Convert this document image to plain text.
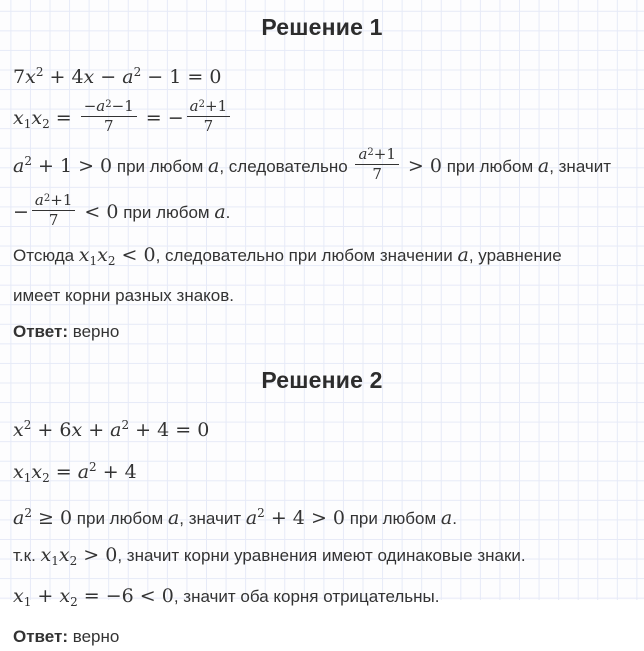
Решение 1
$7x^2 + 4x - a^2 - 1 = 0$
$x_1x_2 = \frac{-a^2-1}{7}$ = − $\frac{a^2+1}{7}$
$a^2 + 1 > 0$ при любом a, следовательно $\frac{a^2+1}{7} > 0$ при любом a, значит
− $\frac{a^2+1}{7} < 0$ при любом a.
Отсюда $x_1x_2 < 0$, следовательно при любом значении a, уравнение
имеет корни разных знаков.
Ответ: верно
Решение 2
$x^2 + 6x + a^2 + 4 = 0$
$x_1x_2 = a^2 + 4$
$a^2 \ge 0$ при любом a, значит $a^2 + 4 > 0$ при любом a.
т.к. $x_1x_2 > 0$, значит корни уравнения имеют одинаковые знаки.
$x_1 + x_2 = -6 < 0$, значит оба корня отрицательны.
Ответ: верно
